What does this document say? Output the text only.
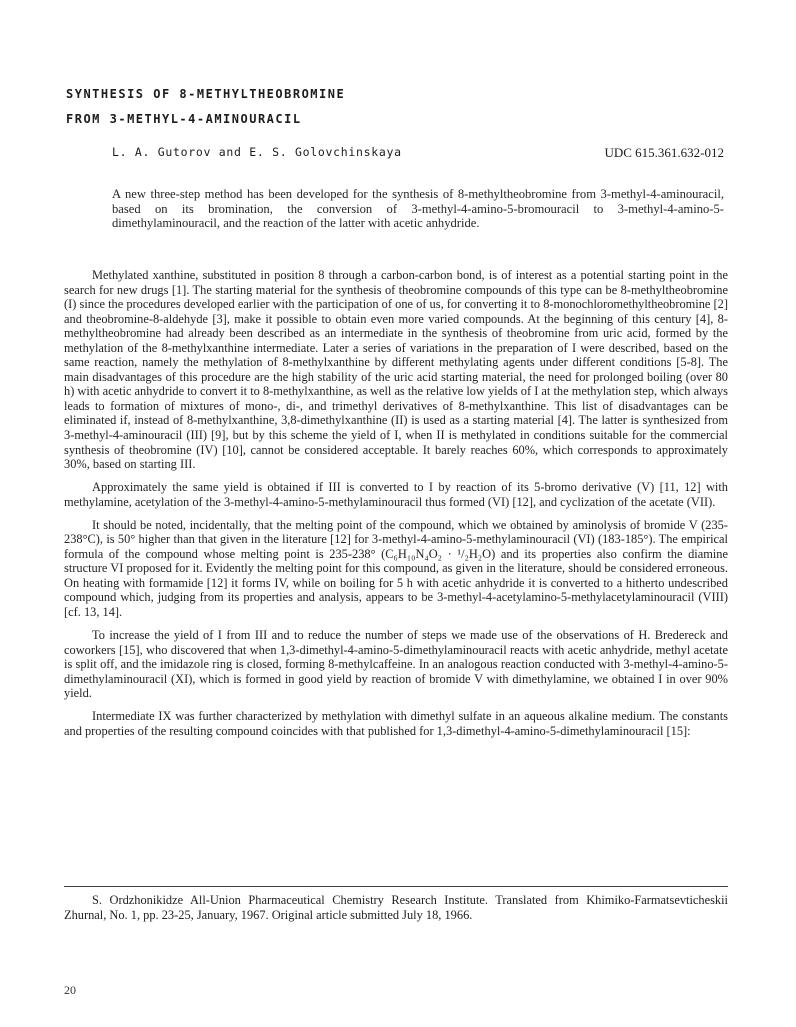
SYNTHESIS OF 8-METHYLTHEOBROMINE
FROM 3-METHYL-4-AMINOURACIL
L. A. Gutorov and E. S. Golovchinskaya	UDC 615.361.632-012
A new three-step method has been developed for the synthesis of 8-methyltheobromine from 3-methyl-4-aminouracil, based on its bromination, the conversion of 3-methyl-4-amino-5-bromouracil to 3-methyl-4-amino-5-dimethylaminouracil, and the reaction of the latter with acetic anhydride.

Methylated xanthine, substituted in position 8 through a carbon-carbon bond, is of interest as a potential starting point in the search for new drugs [1]. The starting material for the synthesis of theobromine compounds of this type can be 8-methyltheobromine (I) since the procedures developed earlier with the participation of one of us, for converting it to 8-monochloromethyltheobromine [2] and theobromine-8-aldehyde [3], make it possible to obtain even more varied compounds. At the beginning of this century [4], 8-methyltheobromine had already been described as an intermediate in the synthesis of theobromine from uric acid, formed by the methylation of the 8-methylxanthine intermediate. Later a series of variations in the preparation of I were described, based on the same reaction, namely the methylation of 8-methylxanthine by different methylating agents under different conditions [5-8]. The main disadvantages of this procedure are the high stability of the uric acid starting material, the need for prolonged boiling (over 80 h) with acetic anhydride to convert it to 8-methylxanthine, as well as the relative low yields of I at the methylation step, which always leads to formation of mixtures of mono-, di-, and trimethyl derivatives of 8-methylxanthine. This list of disadvantages can be eliminated if, instead of 8-methylxanthine, 3,8-dimethylxanthine (II) is used as a starting material [4]. The latter is synthesized from 3-methyl-4-aminouracil (III) [9], but by this scheme the yield of I, when II is methylated in conditions suitable for the commercial synthesis of theobromine (IV) [10], cannot be considered acceptable. It barely reaches 60%, which corresponds to approximately 30%, based on starting III.

Approximately the same yield is obtained if III is converted to I by reaction of its 5-bromo derivative (V) [11, 12] with methylamine, acetylation of the 3-methyl-4-amino-5-methylaminouracil thus formed (VI) [12], and cyclization of the acetate (VII).

It should be noted, incidentally, that the melting point of the compound, which we obtained by aminolysis of bromide V (235-238°C), is 50° higher than that given in the literature [12] for 3-methyl-4-amino-5-methylaminouracil (VI) (183-185°). The empirical formula of the compound whose melting point is 235-238° (C₆H₁₀N₄O₂ · ¹/₂H₂O) and its properties also confirm the diamine structure VI proposed for it. Evidently the melting point for this compound, as given in the literature, should be considered erroneous. On heating with formamide [12] it forms IV, while on boiling for 5 h with acetic anhydride it is converted to a hitherto undescribed compound which, judging from its properties and analysis, appears to be 3-methyl-4-acetylamino-5-methylacetylaminouracil (VIII) [cf. 13, 14].

To increase the yield of I from III and to reduce the number of steps we made use of the observations of H. Bredereck and coworkers [15], who discovered that when 1,3-dimethyl-4-amino-5-dimethylaminouracil reacts with acetic anhydride, methyl acetate is split off, and the imidazole ring is closed, forming 8-methylcaffeine. In an analogous reaction conducted with 3-methyl-4-amino-5-dimethylaminouracil (XI), which is formed in good yield by reaction of bromide V with dimethylamine, we obtained I in over 90% yield.

Intermediate IX was further characterized by methylation with dimethyl sulfate in an aqueous alkaline medium. The constants and properties of the resulting compound coincides with that published for 1,3-dimethyl-4-amino-5-dimethylaminouracil [15]:

S. Ordzhonikidze All-Union Pharmaceutical Chemistry Research Institute. Translated from Khimiko-Farmatsevticheskii Zhurnal, No. 1, pp. 23-25, January, 1967. Original article submitted July 18, 1966.
20
